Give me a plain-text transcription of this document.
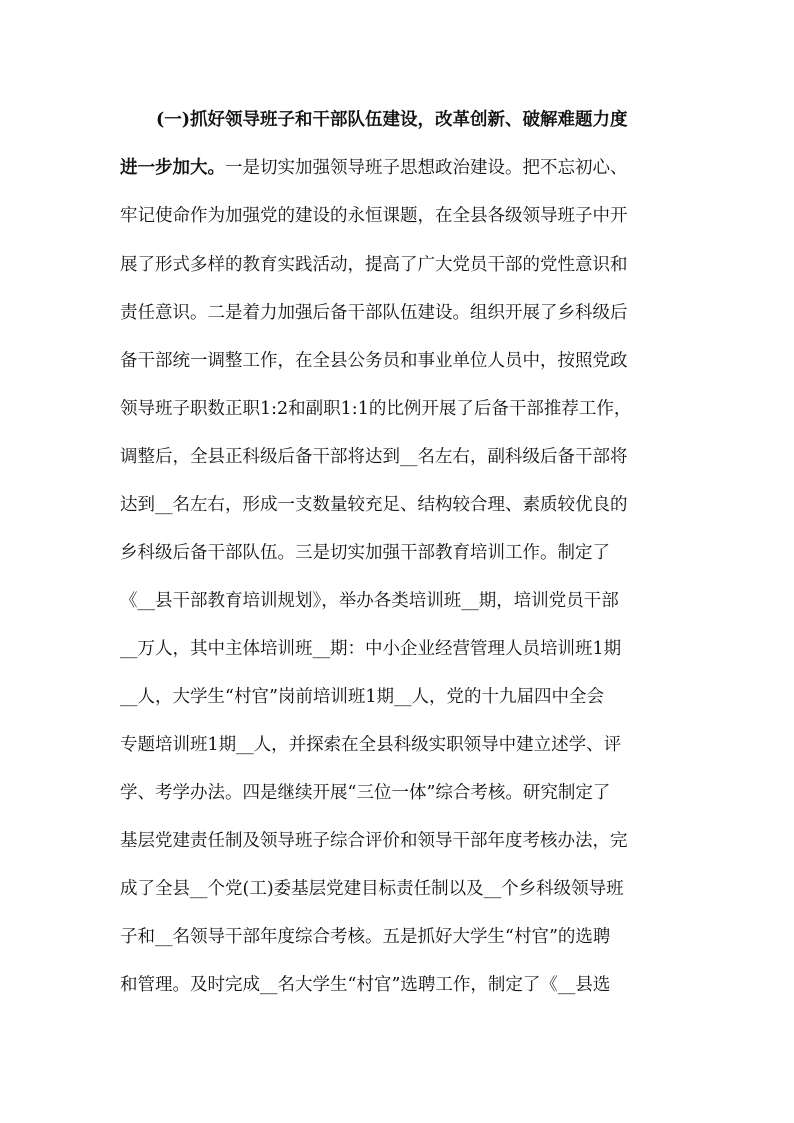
(一)抓好领导班子和干部队伍建设，改革创新、破解难题力度
进一步加大。一是切实加强领导班子思想政治建设。把不忘初心、
牢记使命作为加强党的建设的永恒课题，在全县各级领导班子中开
展了形式多样的教育实践活动，提高了广大党员干部的党性意识和
责任意识。二是着力加强后备干部队伍建设。组织开展了乡科级后
备干部统一调整工作，在全县公务员和事业单位人员中，按照党政
领导班子职数正职1:2和副职1:1的比例开展了后备干部推荐工作，
调整后，全县正科级后备干部将达到__名左右，副科级后备干部将
达到__名左右，形成一支数量较充足、结构较合理、素质较优良的
乡科级后备干部队伍。三是切实加强干部教育培训工作。制定了
《__县干部教育培训规划》，举办各类培训班__期，培训党员干部
__万人，其中主体培训班__期：中小企业经营管理人员培训班1期
__人，大学生“村官”岗前培训班1期__人，党的十九届四中全会
专题培训班1期__人，并探索在全县科级实职领导中建立述学、评
学、考学办法。四是继续开展“三位一体”综合考核。研究制定了
基层党建责任制及领导班子综合评价和领导干部年度考核办法，完
成了全县__个党(工)委基层党建目标责任制以及__个乡科级领导班
子和__名领导干部年度综合考核。五是抓好大学生“村官”的选聘
和管理。及时完成__名大学生“村官”选聘工作，制定了《__县选
